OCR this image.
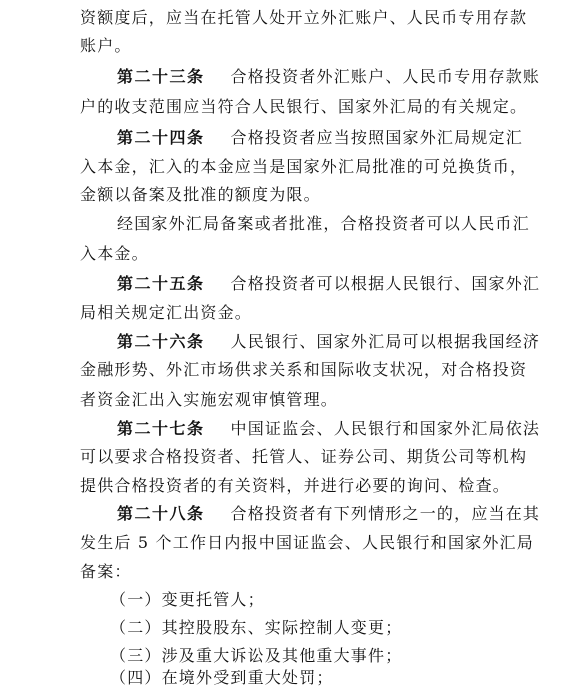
资额度后，应当在托管人处开立外汇账户、人民币专用存款
账户。
第二十三条 合格投资者外汇账户、人民币专用存款账
户的收支范围应当符合人民银行、国家外汇局的有关规定。
第二十四条 合格投资者应当按照国家外汇局规定汇
入本金，汇入的本金应当是国家外汇局批准的可兑换货币，
金额以备案及批准的额度为限。
经国家外汇局备案或者批准，合格投资者可以人民币汇
入本金。
第二十五条 合格投资者可以根据人民银行、国家外汇
局相关规定汇出资金。
第二十六条 人民银行、国家外汇局可以根据我国经济
金融形势、外汇市场供求关系和国际收支状况，对合格投资
者资金汇出入实施宏观审慎管理。
第二十七条 中国证监会、人民银行和国家外汇局依法
可以要求合格投资者、托管人、证券公司、期货公司等机构
提供合格投资者的有关资料，并进行必要的询问、检查。
第二十八条 合格投资者有下列情形之一的，应当在其
发生后 5 个工作日内报中国证监会、人民银行和国家外汇局
备案：
（一）变更托管人；
（二）其控股股东、实际控制人变更；
（三）涉及重大诉讼及其他重大事件；
（四）在境外受到重大处罚；
